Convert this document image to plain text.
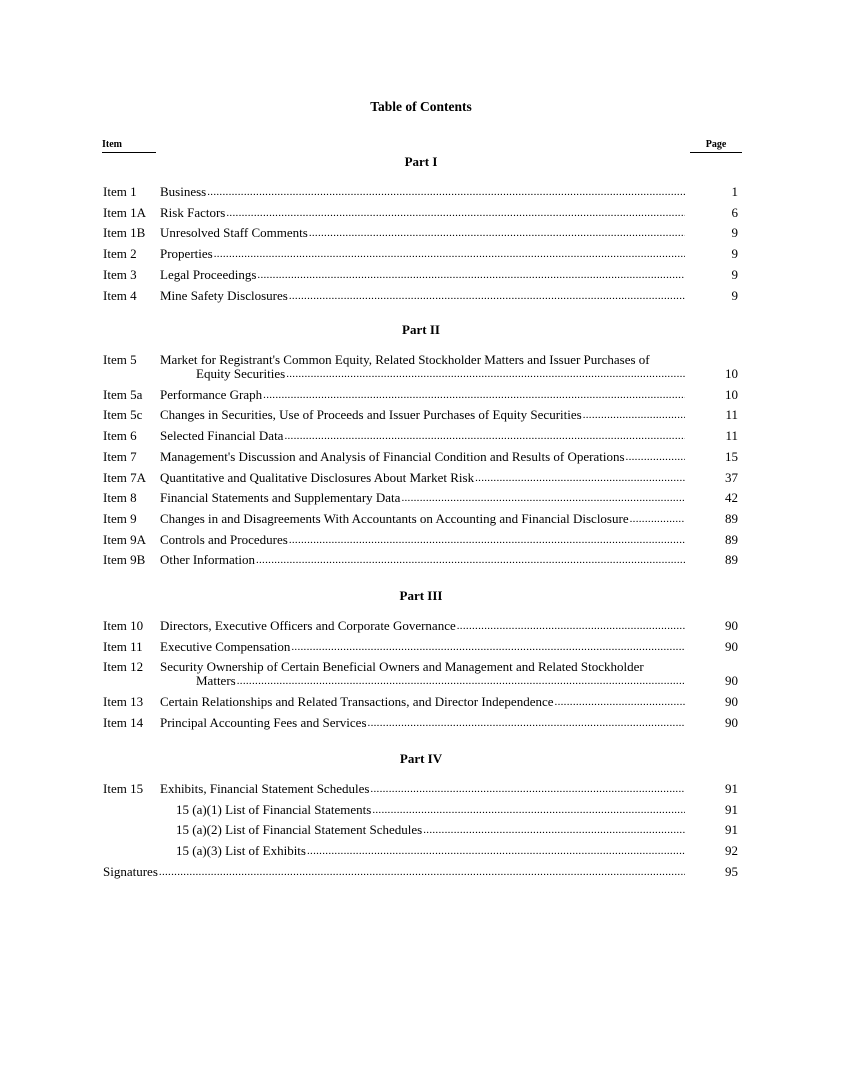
Table of Contents
Item	Page
Part I
Item 1 Business .....	1
Item 1A Risk Factors .....	6
Item 1B Unresolved Staff Comments .....	9
Item 2 Properties .....	9
Item 3 Legal Proceedings .....	9
Item 4 Mine Safety Disclosures .....	9
Part II
Item 5 Market for Registrant's Common Equity, Related Stockholder Matters and Issuer Purchases of
Equity Securities .....	10
Item 5a Performance Graph .....	10
Item 5c Changes in Securities, Use of Proceeds and Issuer Purchases of Equity Securities .....	11
Item 6 Selected Financial Data .....	11
Item 7 Management's Discussion and Analysis of Financial Condition and Results of Operations .....	15
Item 7A Quantitative and Qualitative Disclosures About Market Risk .....	37
Item 8 Financial Statements and Supplementary Data .....	42
Item 9 Changes in and Disagreements With Accountants on Accounting and Financial Disclosure .....	89
Item 9A Controls and Procedures .....	89
Item 9B Other Information .....	89
Part III
Item 10 Directors, Executive Officers and Corporate Governance .....	90
Item 11 Executive Compensation .....	90
Item 12 Security Ownership of Certain Beneficial Owners and Management and Related Stockholder
Matters .....	90
Item 13 Certain Relationships and Related Transactions, and Director Independence .....	90
Item 14 Principal Accounting Fees and Services .....	90
Part IV
Item 15 Exhibits, Financial Statement Schedules .....	91
15 (a)(1) List of Financial Statements .....	91
15 (a)(2) List of Financial Statement Schedules .....	91
15 (a)(3) List of Exhibits .....	92
Signatures .....	95
